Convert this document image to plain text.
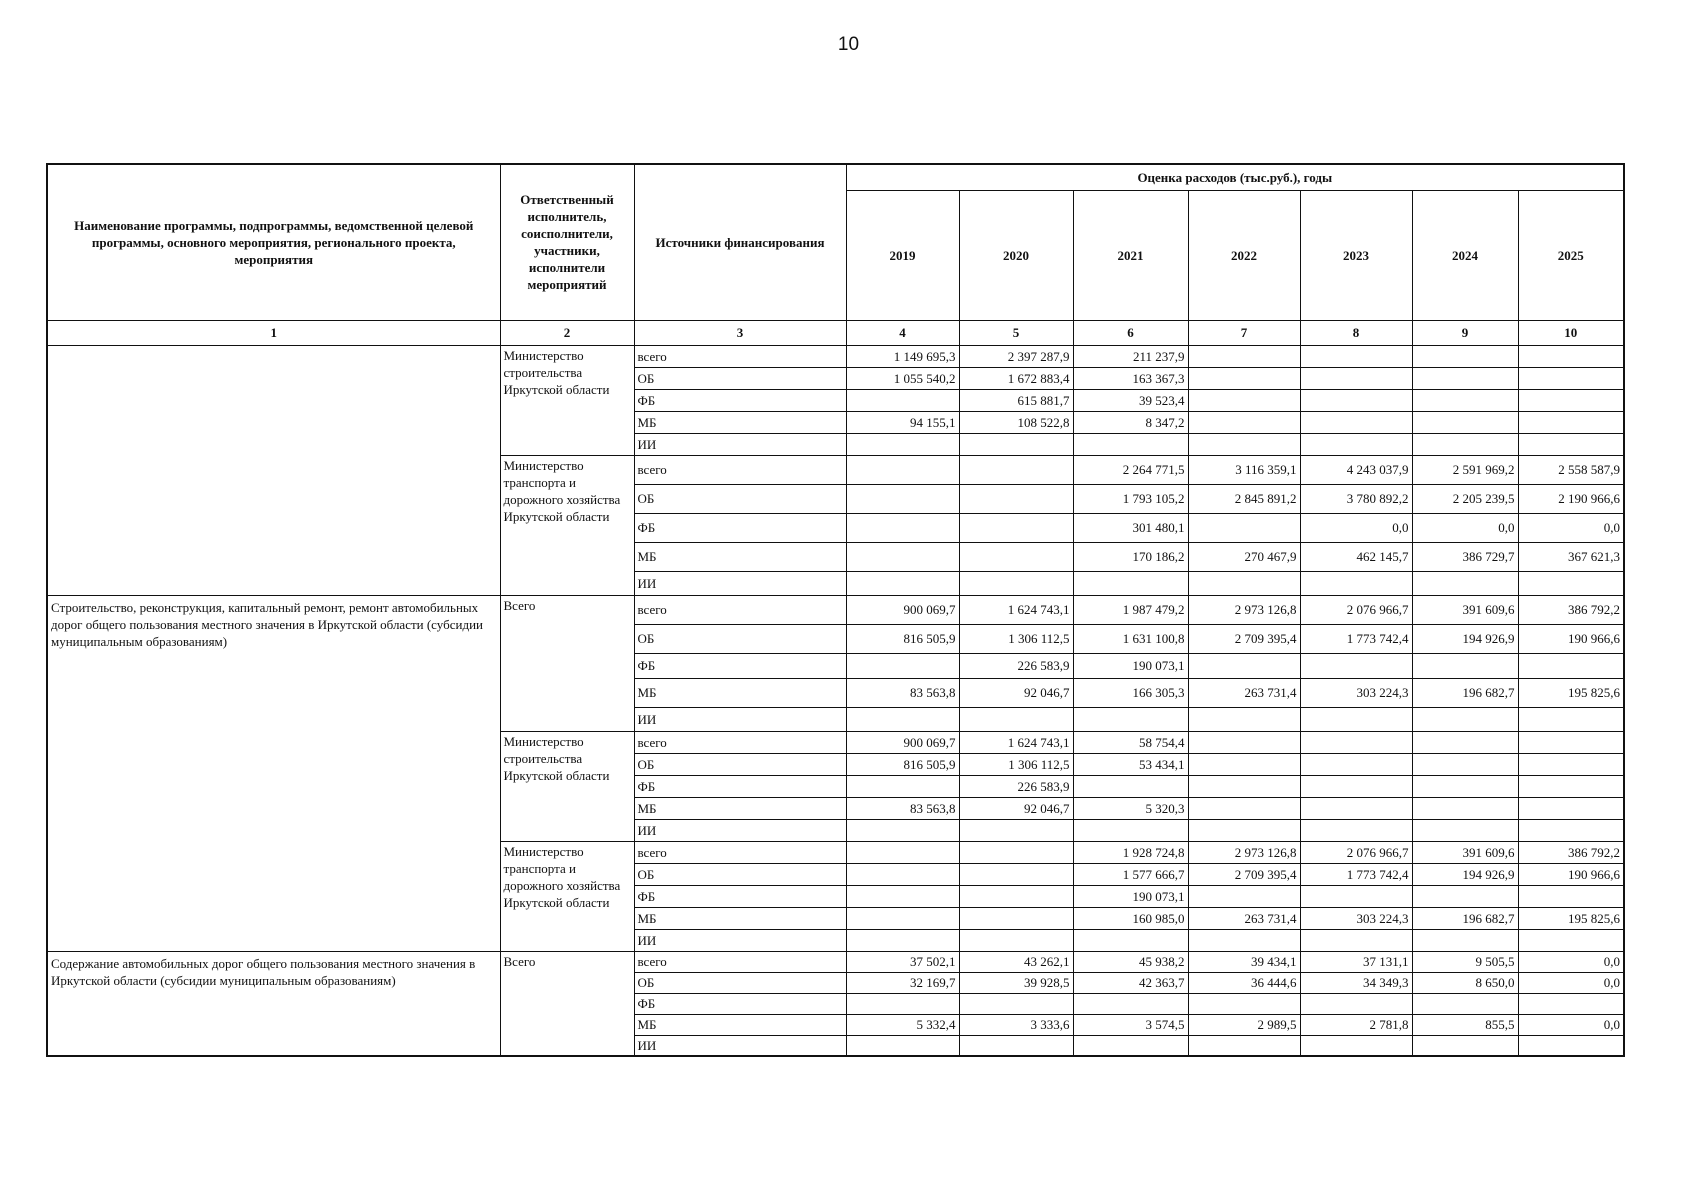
10
Наименование программы, подпрограммы, ведомственной целевой программы, основного мероприятия, регионального проекта, мероприятия	Ответственный исполнитель, соисполнители, участники, исполнители мероприятий	Источники финансирования	Оценка расходов (тыс.руб.), годы						
			2019	2020	2021	2022	2023	2024	2025
1	2	3	4	5	6	7	8	9	10
	Министерство строительства Иркутской области	всего	1 149 695,3	2 397 287,9	211 237,9				
		ОБ	1 055 540,2	1 672 883,4	163 367,3				
		ФБ		615 881,7	39 523,4				
		МБ	94 155,1	108 522,8	8 347,2				
		ИИ							
	Министерство транспорта и дорожного хозяйства Иркутской области	всего			2 264 771,5	3 116 359,1	4 243 037,9	2 591 969,2	2 558 587,9
		ОБ			1 793 105,2	2 845 891,2	3 780 892,2	2 205 239,5	2 190 966,6
		ФБ			301 480,1		0,0	0,0	0,0
		МБ			170 186,2	270 467,9	462 145,7	386 729,7	367 621,3
		ИИ							
Строительство, реконструкция, капитальный ремонт, ремонт автомобильных дорог общего пользования местного значения в Иркутской области (субсидии муниципальным образованиям)	Всего	всего	900 069,7	1 624 743,1	1 987 479,2	2 973 126,8	2 076 966,7	391 609,6	386 792,2
		ОБ	816 505,9	1 306 112,5	1 631 100,8	2 709 395,4	1 773 742,4	194 926,9	190 966,6
		ФБ		226 583,9	190 073,1				
		МБ	83 563,8	92 046,7	166 305,3	263 731,4	303 224,3	196 682,7	195 825,6
		ИИ							
	Министерство строительства Иркутской области	всего	900 069,7	1 624 743,1	58 754,4				
		ОБ	816 505,9	1 306 112,5	53 434,1				
		ФБ		226 583,9					
		МБ	83 563,8	92 046,7	5 320,3				
		ИИ							
	Министерство транспорта и дорожного хозяйства Иркутской области	всего			1 928 724,8	2 973 126,8	2 076 966,7	391 609,6	386 792,2
		ОБ			1 577 666,7	2 709 395,4	1 773 742,4	194 926,9	190 966,6
		ФБ			190 073,1				
		МБ			160 985,0	263 731,4	303 224,3	196 682,7	195 825,6
		ИИ							
Содержание автомобильных дорог общего пользования местного значения в Иркутской области (субсидии муниципальным образованиям)	Всего	всего	37 502,1	43 262,1	45 938,2	39 434,1	37 131,1	9 505,5	0,0
		ОБ	32 169,7	39 928,5	42 363,7	36 444,6	34 349,3	8 650,0	0,0
		ФБ							
		МБ	5 332,4	3 333,6	3 574,5	2 989,5	2 781,8	855,5	0,0
		ИИ							
